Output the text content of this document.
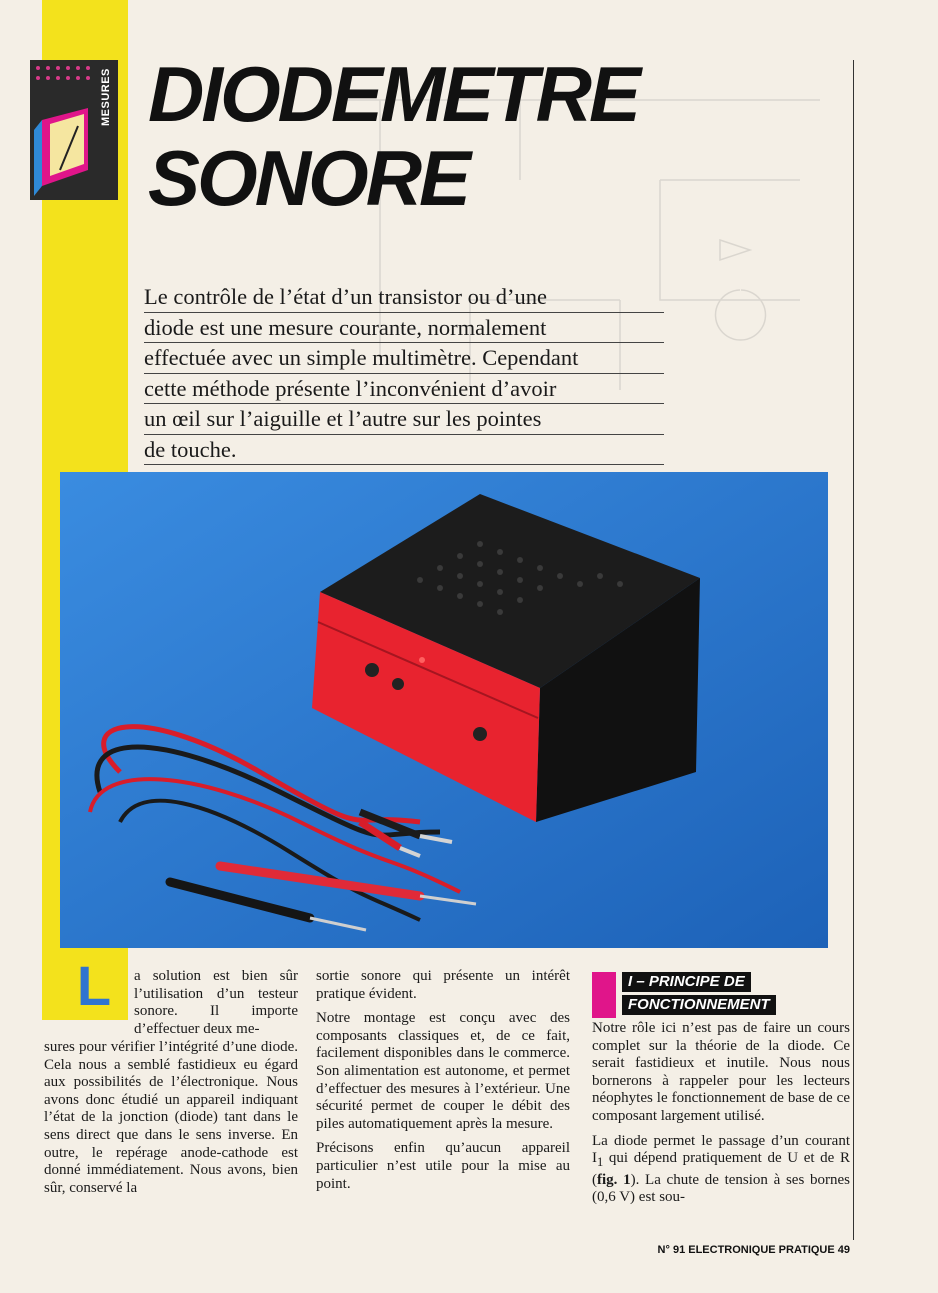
MESURES DIODEMETRE
SONORE

Le contrôle de l’état d’un transistor ou d’une
diode est une mesure courante, normalement
effectuée avec un simple multimètre. Cependant
cette méthode présente l’inconvénient d’avoir
un œil sur l’aiguille et l’autre sur les pointes
de touche.

L	a solution est bien sûr l’utilisation d’un testeur sonore. Il importe d’effectuer deux me-

sures pour vérifier l’intégrité d’une diode. Cela nous a semblé fastidieux eu égard aux possibilités de l’électronique. Nous avons donc étudié un appareil indiquant l’état de la jonction (diode) tant dans le sens direct que dans le sens inverse. En outre, le repérage anode-cathode est donné immédiatement. Nous avons, bien sûr, conservé la

sortie sonore qui présente un intérêt pratique évident.

Notre montage est conçu avec des composants classiques et, de ce fait, facilement disponibles dans le commerce. Son alimentation est autonome, et permet d’effectuer des mesures à l’extérieur. Une sécurité permet de couper le débit des piles automatiquement après la mesure.

Précisons enfin qu’aucun appareil particulier n’est utile pour la mise au point.

I – PRINCIPE DE
FONCTIONNEMENT

Notre rôle ici n’est pas de faire un cours complet sur la théorie de la diode. Ce serait fastidieux et inutile. Nous nous bornerons à rappeler pour les lecteurs néophytes le fonctionnement de base de ce composant largement utilisé.

La diode permet le passage d’un courant $I_1$ qui dépend pratiquement de U et de R (fig. 1). La chute de tension à ses bornes (0,6 V) est sou-

N° 91 ELECTRONIQUE PRATIQUE 49
